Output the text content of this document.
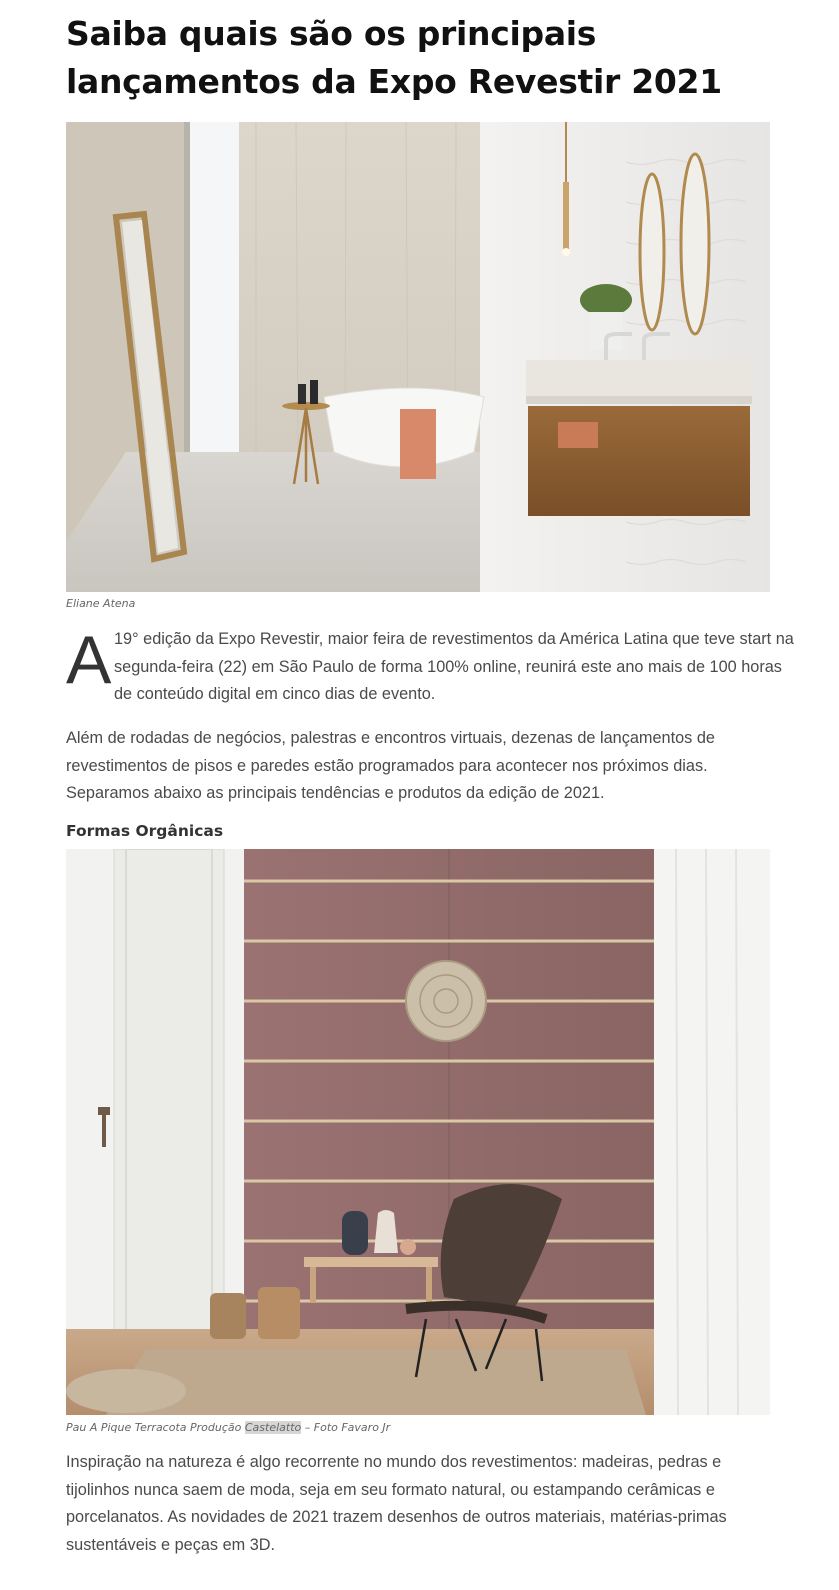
Saiba quais são os principais lançamentos da Expo Revestir 2021
Eliane Atena
A 19° edição da Expo Revestir, maior feira de revestimentos da América Latina que teve start na segunda-feira (22) em São Paulo de forma 100% online, reunirá este ano mais de 100 horas de conteúdo digital em cinco dias de evento.

Além de rodadas de negócios, palestras e encontros virtuais, dezenas de lançamentos de revestimentos de pisos e paredes estão programados para acontecer nos próximos dias. Separamos abaixo as principais tendências e produtos da edição de 2021.

Formas Orgânicas
Pau A Pique Terracota Produção Castelatto – Foto Favaro Jr

Inspiração na natureza é algo recorrente no mundo dos revestimentos: madeiras, pedras e tijolinhos nunca saem de moda, seja em seu formato natural, ou estampando cerâmicas e porcelanatos. As novidades de 2021 trazem desenhos de outros materiais, matérias-primas sustentáveis e peças em 3D.
